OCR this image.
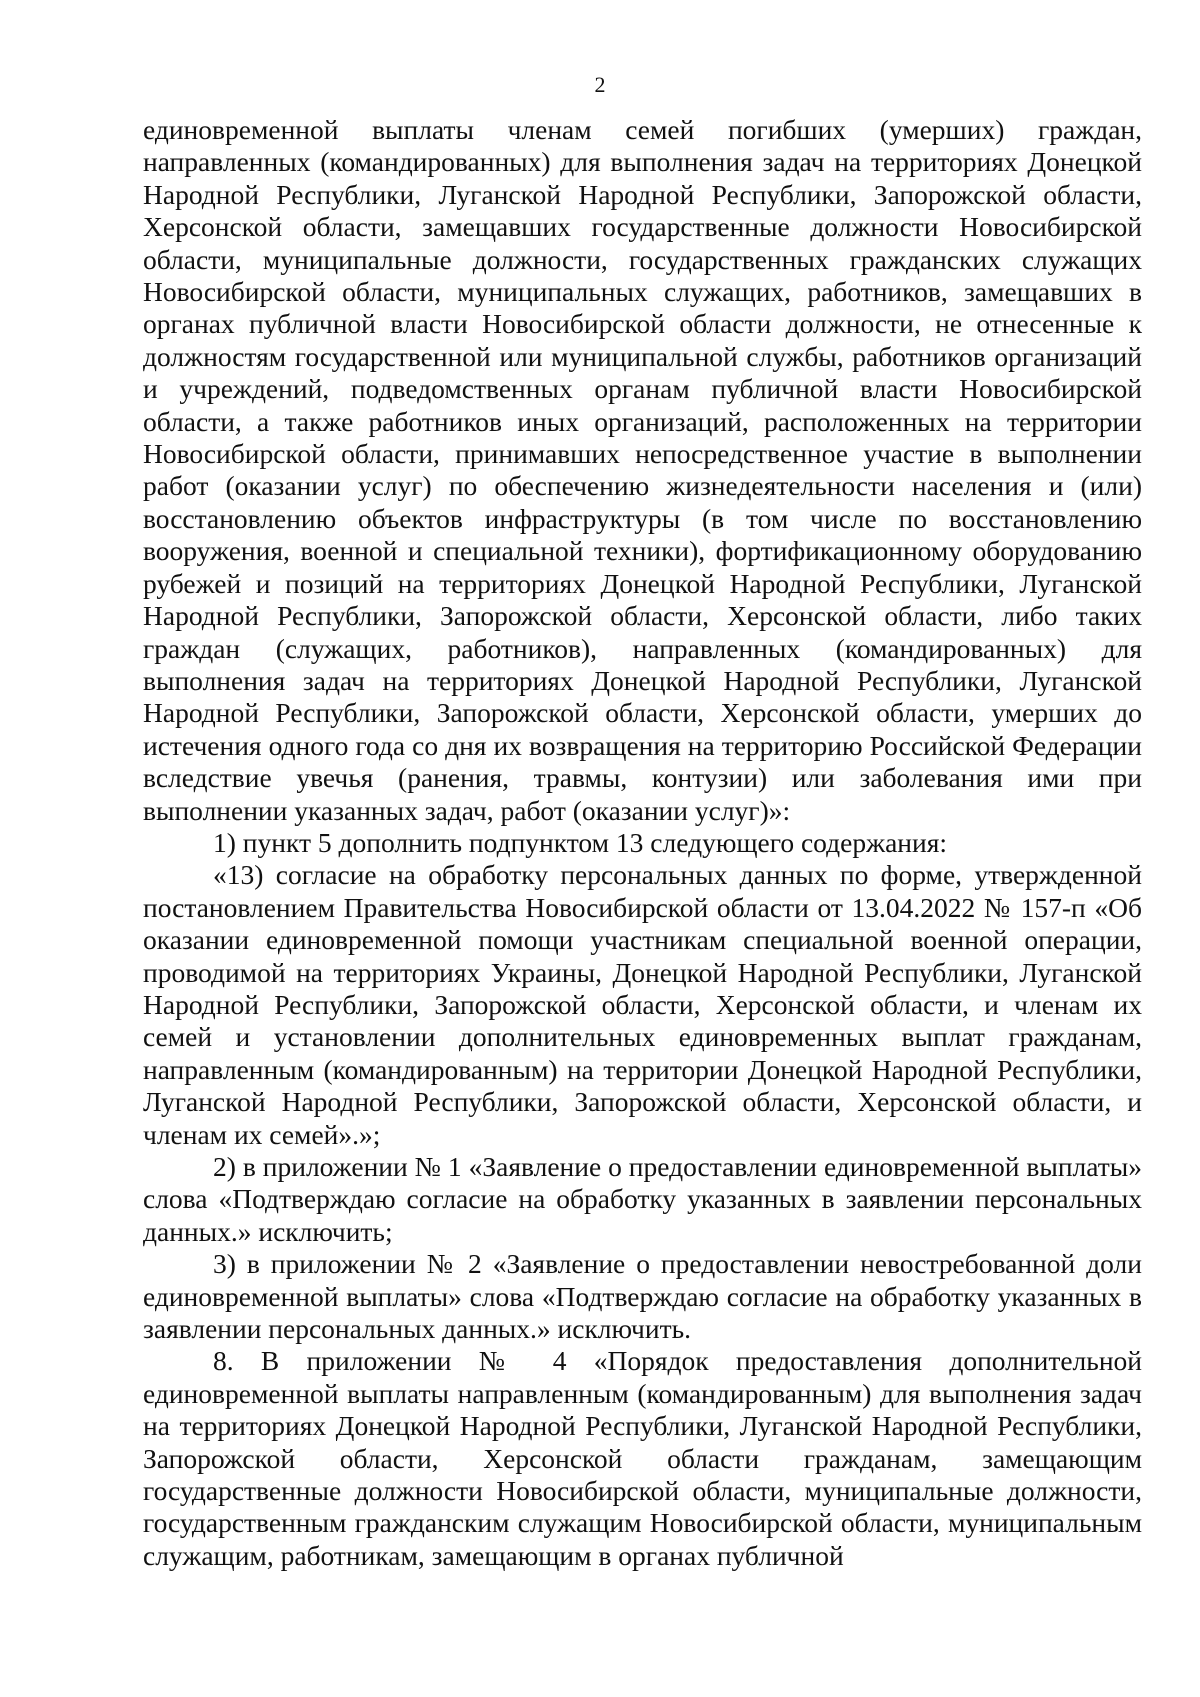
2

единовременной выплаты членам семей погибших (умерших) граждан, направленных (командированных) для выполнения задач на территориях Донецкой Народной Республики, Луганской Народной Республики, Запорожской области, Херсонской области, замещавших государственные должности Новосибирской области, муниципальные должности, государственных гражданских служащих Новосибирской области, муниципальных служащих, работников, замещавших в органах публичной власти Новосибирской области должности, не отнесенные к должностям государственной или муниципальной службы, работников организаций и учреждений, подведомственных органам публичной власти Новосибирской области, а также работников иных организаций, расположенных на территории Новосибирской области, принимавших непосредственное участие в выполнении работ (оказании услуг) по обеспечению жизнедеятельности населения и (или) восстановлению объектов инфраструктуры (в том числе по восстановлению вооружения, военной и специальной техники), фортификационному оборудованию рубежей и позиций на территориях Донецкой Народной Республики, Луганской Народной Республики, Запорожской области, Херсонской области, либо таких граждан (служащих, работников), направленных (командированных) для выполнения задач на территориях Донецкой Народной Республики, Луганской Народной Республики, Запорожской области, Херсонской области, умерших до истечения одного года со дня их возвращения на территорию Российской Федерации вследствие увечья (ранения, травмы, контузии) или заболевания ими при выполнении указанных задач, работ (оказании услуг)»:

1) пункт 5 дополнить подпунктом 13 следующего содержания:

«13) согласие на обработку персональных данных по форме, утвержденной постановлением Правительства Новосибирской области от 13.04.2022 № 157-п «Об оказании единовременной помощи участникам специальной военной операции, проводимой на территориях Украины, Донецкой Народной Республики, Луганской Народной Республики, Запорожской области, Херсонской области, и членам их семей и установлении дополнительных единовременных выплат гражданам, направленным (командированным) на территории Донецкой Народной Республики, Луганской Народной Республики, Запорожской области, Херсонской области, и членам их семей».»;

2) в приложении № 1 «Заявление о предоставлении единовременной выплаты» слова «Подтверждаю согласие на обработку указанных в заявлении персональных данных.» исключить;

3) в приложении № 2 «Заявление о предоставлении невостребованной доли единовременной выплаты» слова «Подтверждаю согласие на обработку указанных в заявлении персональных данных.» исключить.

8. В приложении № 4 «Порядок предоставления дополнительной единовременной выплаты направленным (командированным) для выполнения задач на территориях Донецкой Народной Республики, Луганской Народной Республики, Запорожской области, Херсонской области гражданам, замещающим государственные должности Новосибирской области, муниципальные должности, государственным гражданским служащим Новосибирской области, муниципальным служащим, работникам, замещающим в органах публичной
